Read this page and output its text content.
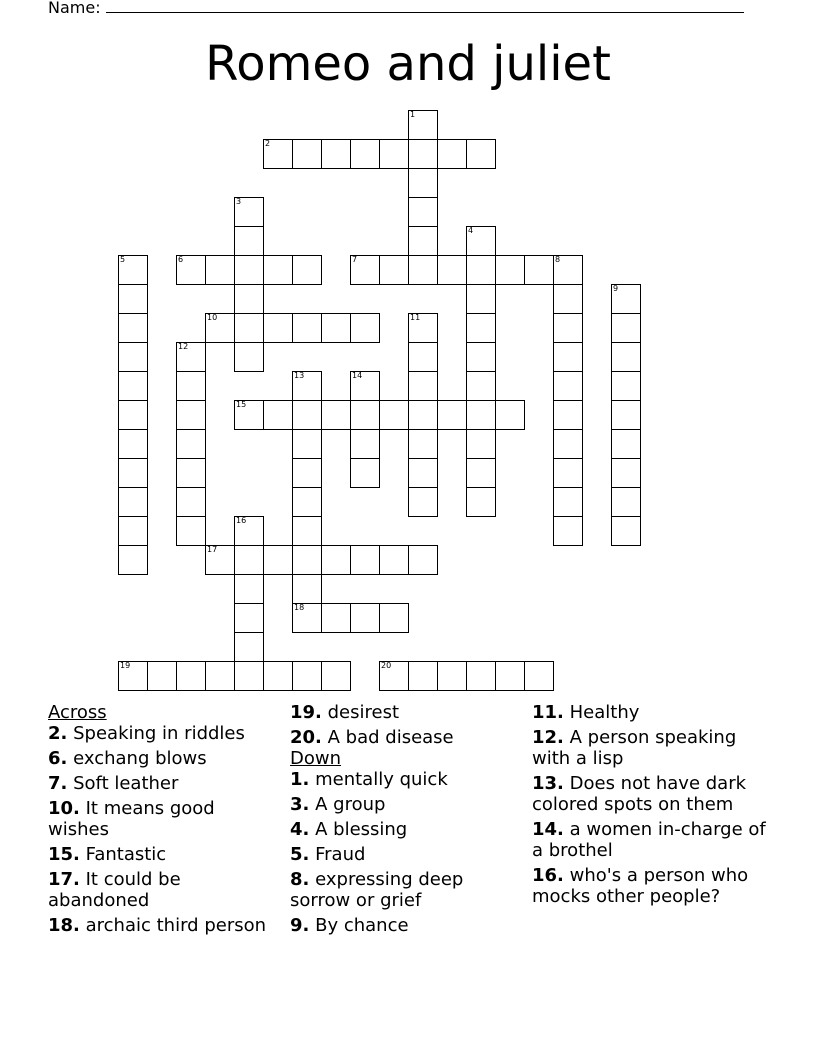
Name:
Romeo and juliet
1
2
3
4
5	6	7	8
9
10	11
12
13
18
14
15
16
17
19	20
Across
2. Speaking in riddles
6. exchang blows
7. Soft leather
10. It means good wishes
15. Fantastic
17. It could be abandoned
18. archaic third person
19. desirest
20. A bad disease
Down
1. mentally quick
3. A group
4. A blessing
5. Fraud
8. expressing deep sorrow or grief
9. By chance
11. Healthy
12. A person speaking with a lisp
13. Does not have dark colored spots on them
14. a women in-charge of a brothel
16. who's a person who mocks other people?
